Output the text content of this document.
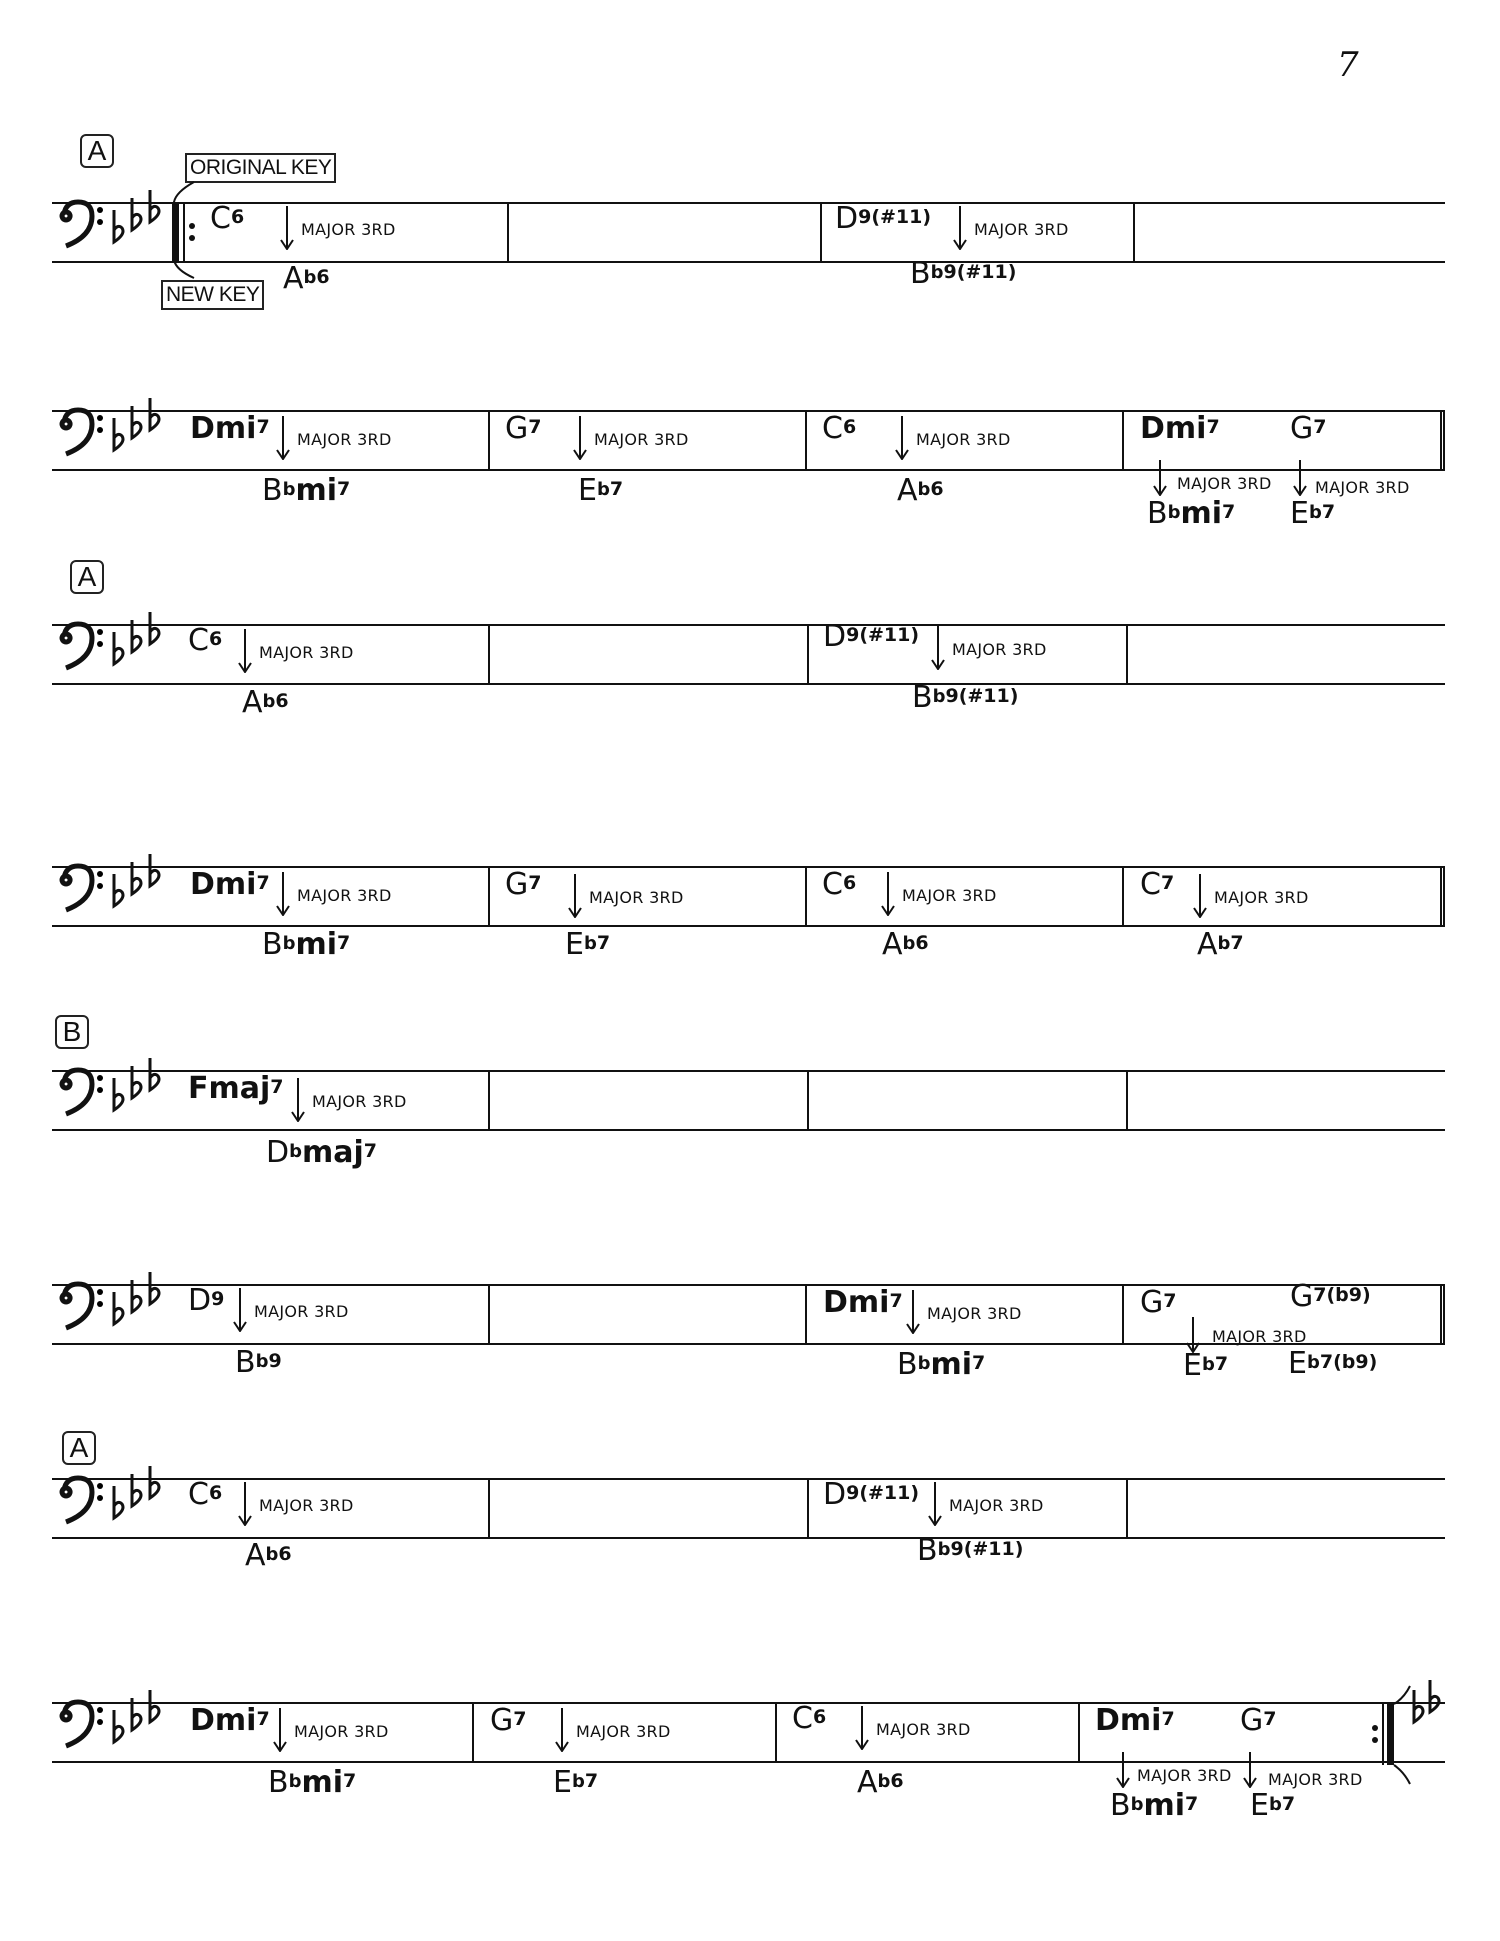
7
A
A
B
A
ORIGINAL KEY
NEW KEY
$C^6$
MAJOR 3RD	$D^{9(\#11)}$
MAJOR 3RD
$A^{b6}$	$B^{b9(\#11)}$
Dmi$^7$
MAJOR 3RD	$G^7$
MAJOR 3RD	$C^6$
MAJOR 3RD	Dmi$^7$ $G^7$
$B^bmi^7$	$E^{b7}$	$A^{b6}$
$B^bmi^7$ $E^{b7}$
MAJOR 3RD	MAJOR 3RD
$C^6$
MAJOR 3RD	$D^{9(\#11)}$
MAJOR 3RD
$A^{b6}$	$B^{b9(\#11)}$
Dmi$^7$
MAJOR 3RD	$G^7$
MAJOR 3RD	$C^6$
MAJOR 3RD	$C^7$
MAJOR 3RD
$B^bmi^7$	$E^{b7}$	$A^{b6}$	$A^{b7}$
Fmaj$^7$
MAJOR 3RD
$D^bmaj^7$
$D^9$
MAJOR 3RD	Dmi$^7$
MAJOR 3RD	$G^7$	$G^{7(b9)}$
$B^{b9}$	$B^bmi^7$	$E^{b7}$ $E^{b7(b9)}$
MAJOR 3RD
$C^6$
MAJOR 3RD	$D^{9(\#11)}$
MAJOR 3RD
$A^{b6}$	$B^{b9(\#11)}$
Dmi$^7$
MAJOR 3RD	$G^7$
MAJOR 3RD	$C^6$
MAJOR 3RD	Dmi$^7$ $G^7$
$B^bmi^7$	$E^{b7}$	$A^{b6}$
$B^bmi^7$ $E^{b7}$
MAJOR 3RD MAJOR 3RD
